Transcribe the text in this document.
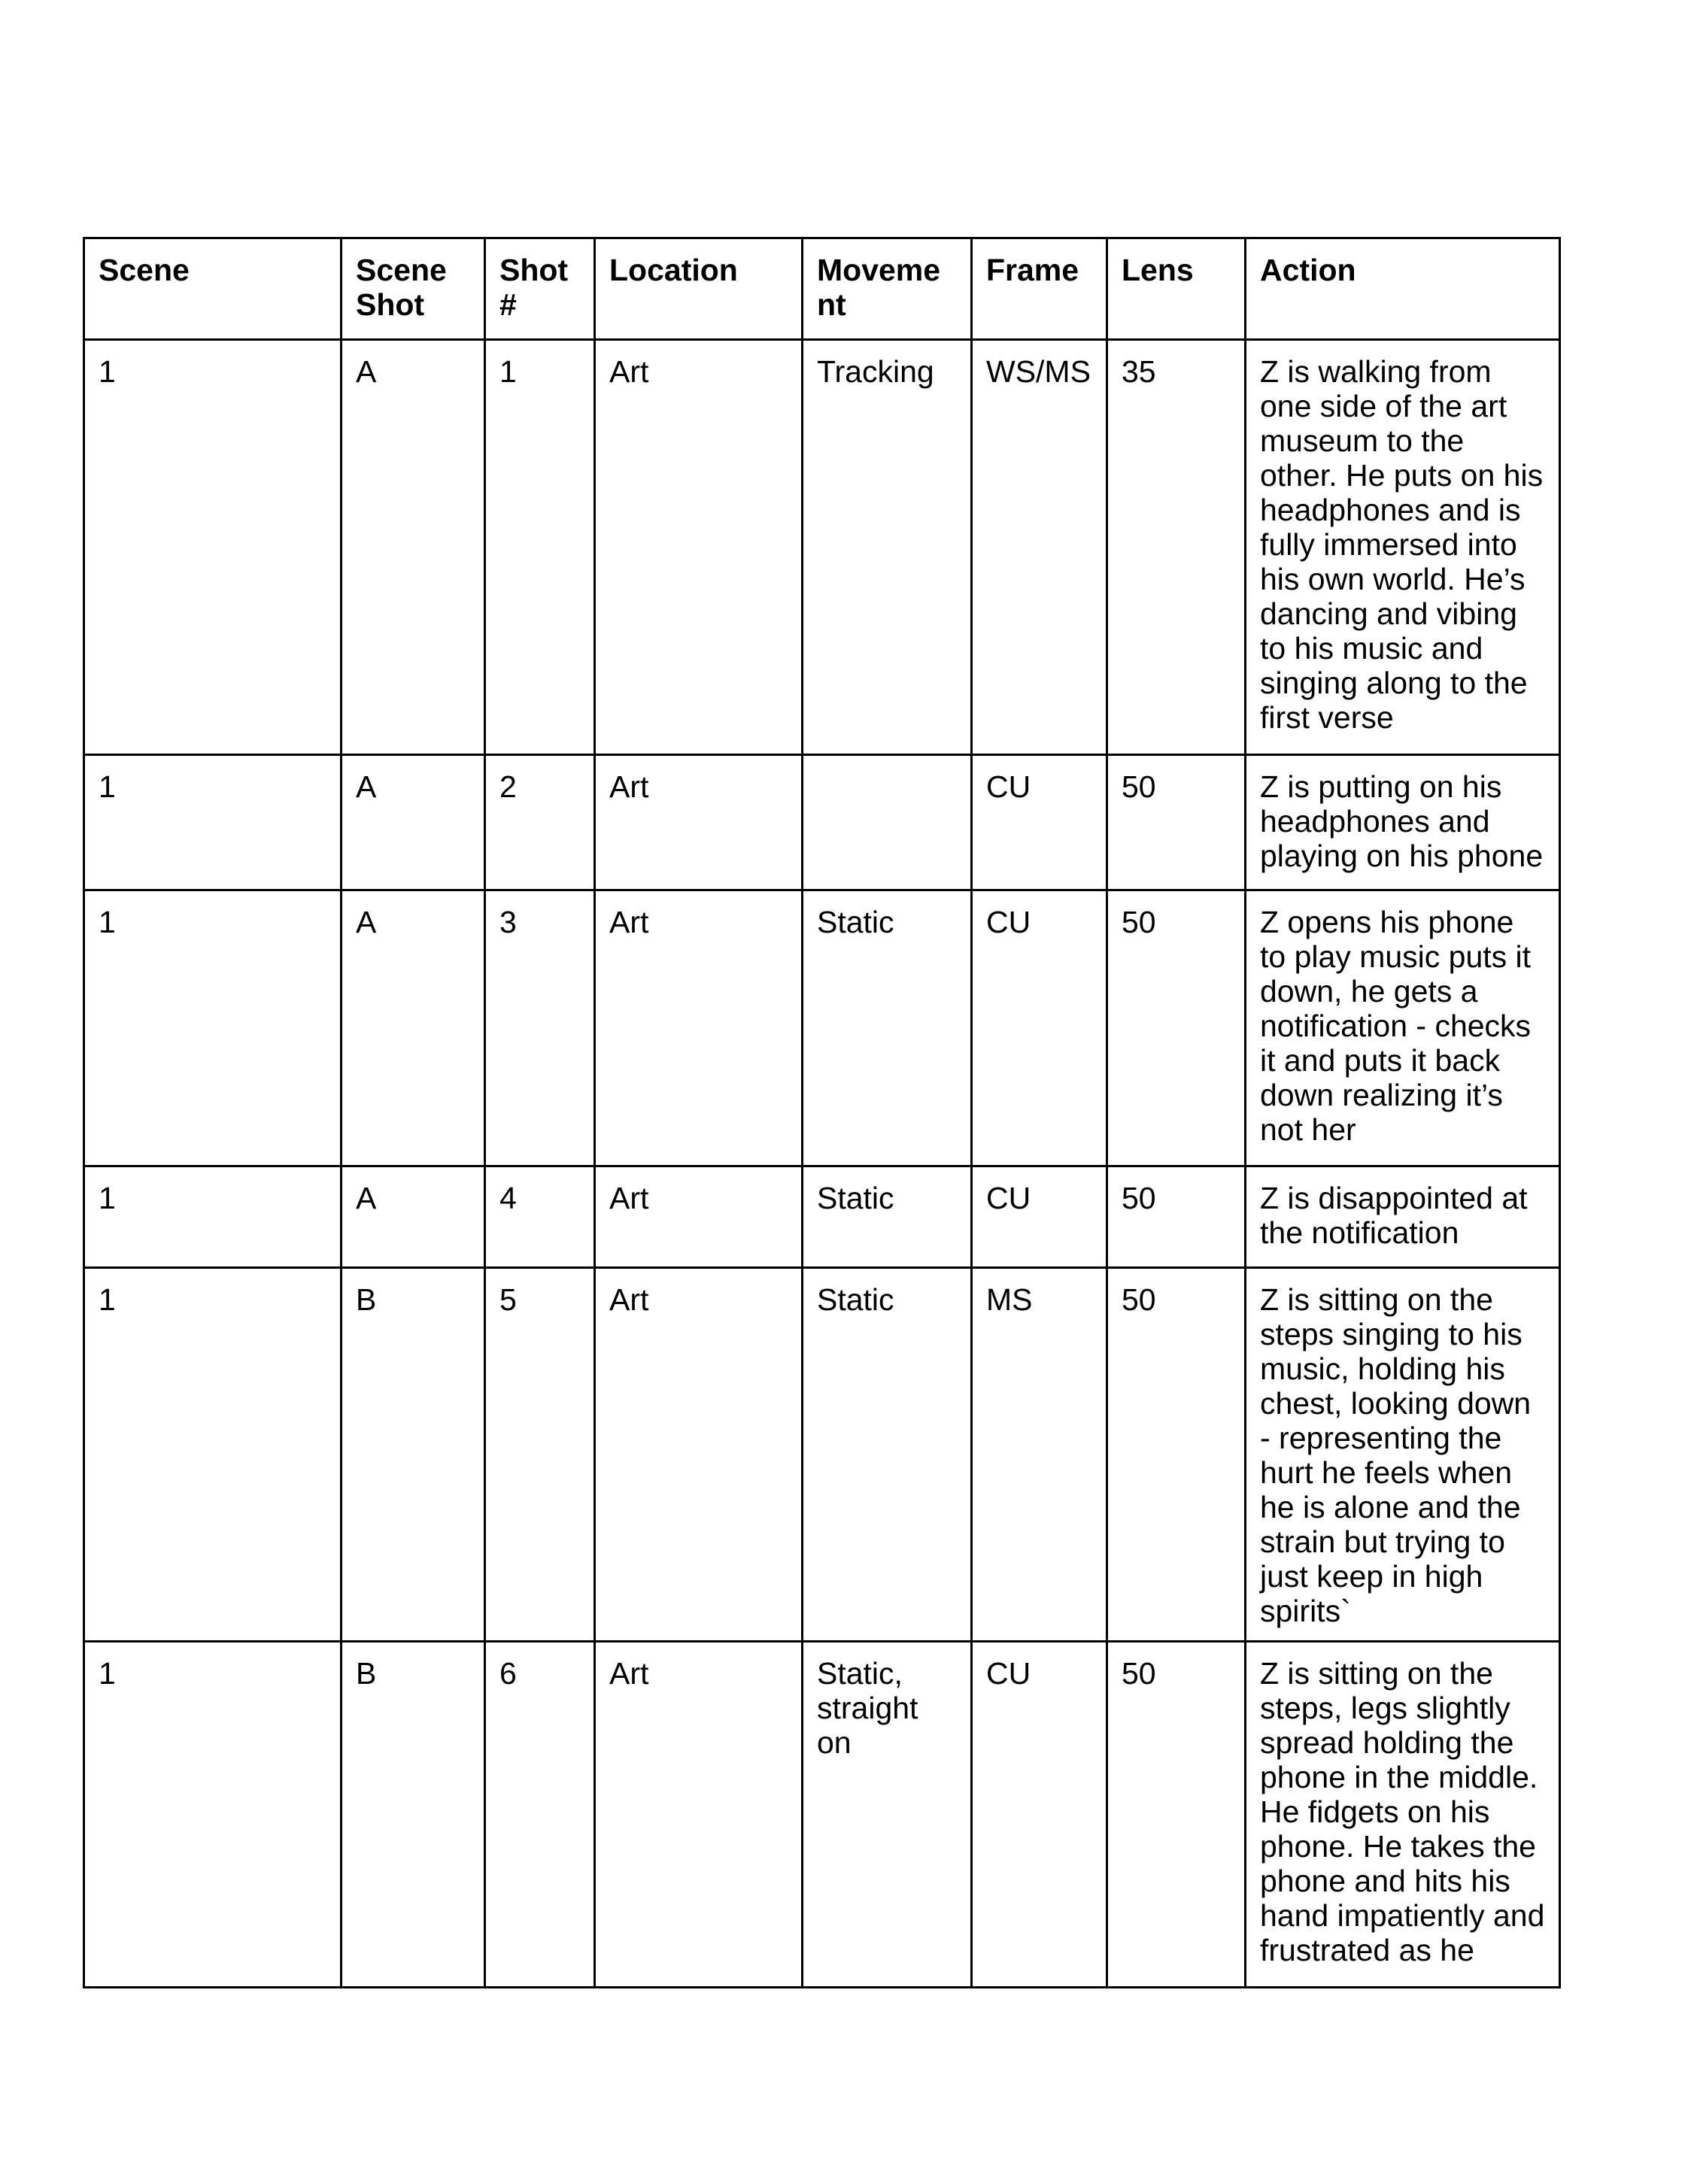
Scene	Scene Shot	Shot #	Location	Moveme nt	Frame	Lens	Action
1	A	1	Art	Tracking	WS/MS	35	Z is walking from one side of the art museum to the other. He puts on his headphones and is fully immersed into his own world. He’s dancing and vibing to his music and singing along to the first verse
1	A	2	Art		CU	50	Z is putting on his headphones and playing on his phone
1	A	3	Art	Static	CU	50	Z opens his phone to play music puts it down, he gets a notification - checks it and puts it back down realizing it’s not her
1	A	4	Art	Static	CU	50	Z is disappointed at the notification
1	B	5	Art	Static	MS	50	Z is sitting on the steps singing to his music, holding his chest, looking down - representing the hurt he feels when he is alone and the strain but trying to just keep in high spirits`
1	B	6	Art	Static, straight on	CU	50	Z is sitting on the steps, legs slightly spread holding the phone in the middle. He fidgets on his phone. He takes the phone and hits his hand impatiently and frustrated as he
